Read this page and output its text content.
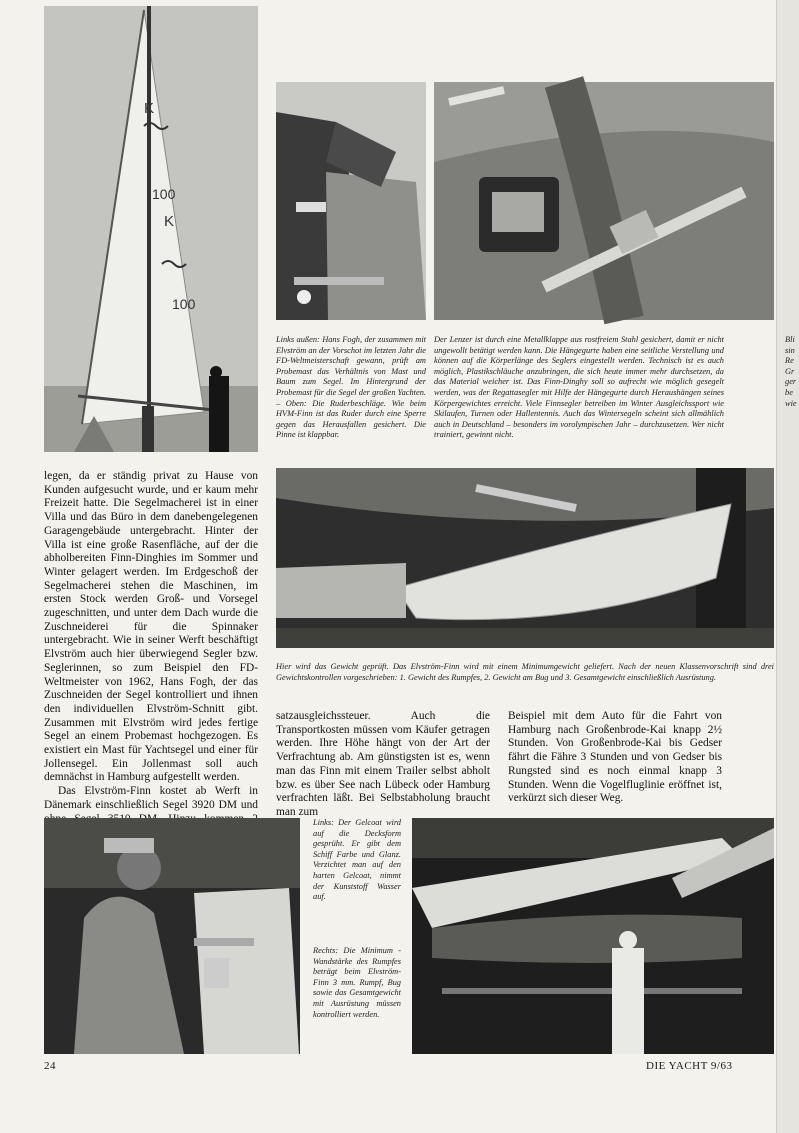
K
100
K
100
Links außen: Hans Fogh, der zusammen mit Elvström an der Vorschot im letzten Jahr die FD-Weltmeisterschaft gewann, prüft am Probemast das Verhältnis von Mast und Baum zum Segel. Im Hintergrund der Probemast für die Segel der großen Yachten. – Oben: Die Ruderbeschläge. Wie beim HVM-Finn ist das Ruder durch eine Sperre gegen das Herausfallen gesichert. Die Pinne ist klappbar.
Der Lenzer ist durch eine Metallklappe aus rostfreiem Stahl gesichert, damit er nicht ungewollt betätigt werden kann. Die Hängegurte haben eine seitliche Verstellung und können auf die Körperlänge des Seglers eingestellt werden. Technisch ist es auch möglich, Plastikschläuche anzubringen, die sich heute immer mehr durchsetzen, da das Material weicher ist. Das Finn-Dinghy soll so aufrecht wie möglich gesegelt werden, was der Regattasegler mit Hilfe der Hängegurte durch Heraushängen seines Körpergewichtes erreicht. Viele Finnsegler betreiben im Winter Ausgleichssport wie Skilaufen, Turnen oder Hallentennis. Auch das Wintersegeln scheint sich allmählich auch in Deutschland – besonders im vorolympischen Jahr – durchzusetzen. Wer nicht trainiert, gewinnt nicht.
Bli sin Re Gr ger be wie

legen, da er ständig privat zu Hause von Kunden aufgesucht wurde, und er kaum mehr Freizeit hatte. Die Segelmacherei ist in einer Villa und das Büro in dem danebengelegenen Garagengebäude untergebracht. Hinter der Villa ist eine große Rasenfläche, auf der die abholbereiten Finn-Dinghies im Sommer und Winter gelagert werden. Im Erdgeschoß der Segelmacherei stehen die Maschinen, im ersten Stock werden Groß- und Vorsegel zugeschnitten, und unter dem Dach wurde die Zuschneiderei für die Spinnaker untergebracht. Wie in seiner Werft beschäftigt Elvström auch hier überwiegend Segler bzw. Seglerinnen, so zum Beispiel den FD-Weltmeister von 1962, Hans Fogh, der das Zuschneiden der Segel kontrolliert und ihnen den individuellen Elvström-Schnitt gibt. Zusammen mit Elvström wird jedes fertige Segel an einem Probemast hochgezogen. Es existiert ein Mast für Yachtsegel und einer für Jollensegel. Ein Jollenmast soll auch demnächst in Hamburg aufgestellt werden.

Das Elvström-Finn kostet ab Werft in Dänemark einschließlich Segel 3920 DM und

Hier wird das Gewicht geprüft. Das Elvström-Finn wird mit einem Minimumgewicht geliefert. Nach der neuen Klassenvorschrift sind drei Gewichtskontrollen vorgeschrieben: 1. Gewicht des Rumpfes, 2. Gewicht am Bug und 3. Gesamtgewicht einschließlich Ausrüstung.
satzausgleichssteuer. Auch die Transportkosten müssen vom Käufer getragen werden. Ihre Höhe hängt von der Art der Verfrachtung ab. Am günstigsten ist es, wenn man das Finn mit einem Trailer selbst abholt bzw. es über See nach Lübeck oder Hamburg verfrachten läßt. Bei Selbstabholung braucht man zum
Beispiel mit dem Auto für die Fahrt von Hamburg nach Großenbrode-Kai knapp 2½ Stunden. Von Großenbrode-Kai bis Gedser fährt die Fähre 3 Stunden und von Gedser bis Rungsted sind es noch einmal knapp 3 Stunden. Wenn die Vogelfluglinie eröffnet ist, verkürzt sich dieser Weg.
Links: Der Gelcoat wird auf die Decksform gesprüht. Er gibt dem Schiff Farbe und Glanz. Verzichtet man auf den harten Gelcoat, nimmt der Kunststoff Wasser auf.
Rechts: Die Minimum - Wandstärke des Rumpfes beträgt beim Elvström-Finn 3 mm. Rumpf, Bug sowie das Gesamtgewicht mit Ausrüstung müssen kontrolliert werden.
24	DIE YACHT 9/63
